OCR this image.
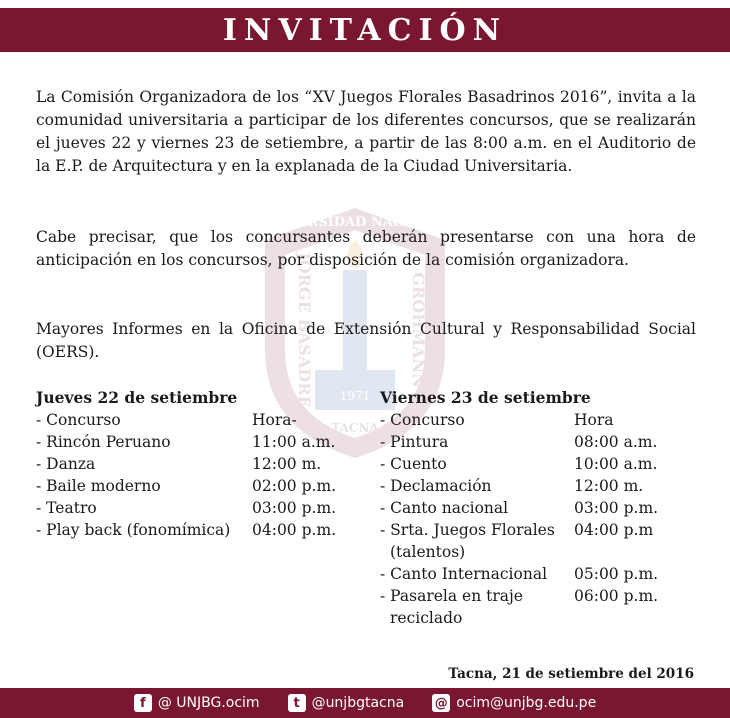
INVITACIÓN
UNIVERSIDAD NACIONAL
JORGE BASADRE	GROHMANN
1971
TACNA
La Comisión Organizadora de los “XV Juegos Florales Basadrinos 2016”, invita a la comunidad universitaria a participar de los diferentes concursos, que se realizarán el jueves 22 y viernes 23 de setiembre, a partir de las 8:00 a.m. en el Auditorio de la E.P. de Arquitectura y en la explanada de la Ciudad Universitaria.
Cabe precisar, que los concursantes deberán presentarse con una hora de anticipación en los concursos, por disposición de la comisión organizadora.
Mayores Informes en la Oficina de Extensión Cultural y Responsabilidad Social (OERS).
Jueves 22 de setiembre
- Concurso	Hora-
- Rincón Peruano	11:00 a.m.
- Danza	12:00 m.
- Baile moderno	02:00 p.m.
- Teatro	03:00 p.m.
- Play back (fonomímica)	04:00 p.m.
Viernes 23 de setiembre
- Concurso	Hora
- Pintura	08:00 a.m.
- Cuento	10:00 a.m.
- Declamación	12:00 m.
- Canto nacional	03:00 p.m.
- Srta. Juegos Florales	04:00 p.m
(talentos)
- Canto Internacional	05:00 p.m.
- Pasarela en traje	06:00 p.m.
reciclado
Tacna, 21 de setiembre del 2016
f @ UNJBG.ocim	t @unjbgtacna @ ocim@unjbg.edu.pe
